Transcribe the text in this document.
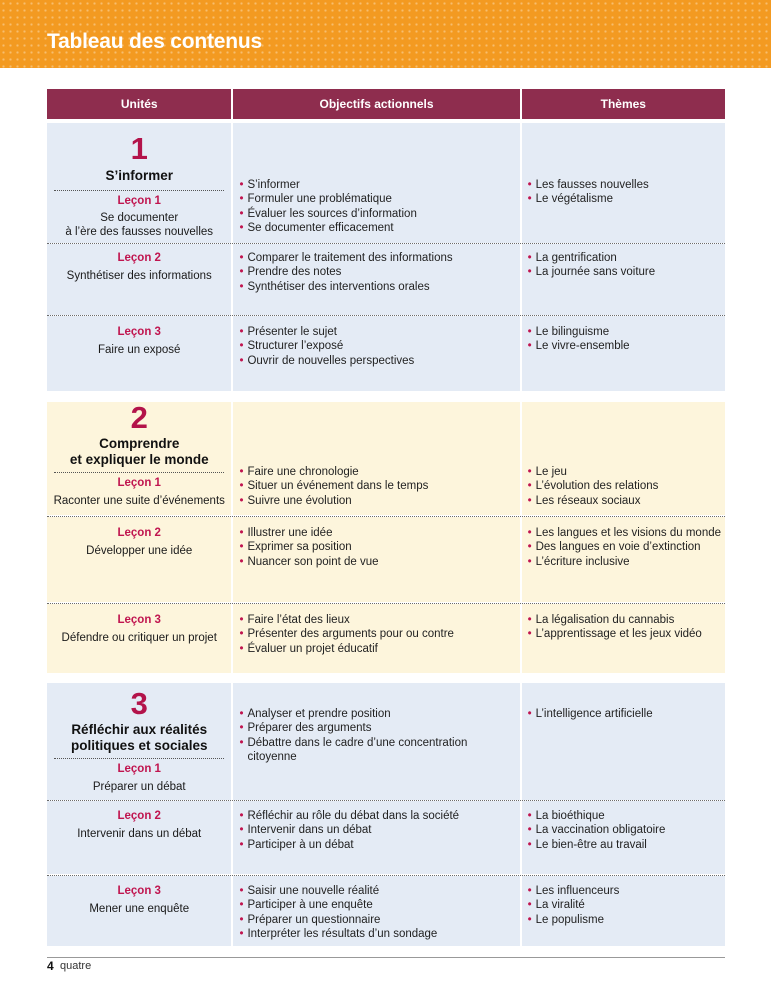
Tableau des contenus
Unités	Objectifs actionnels	Thèmes
1
S’informer
Leçon 1
Se documenter
à l’ère des fausses nouvelles
• S’informer
• Formuler une problématique
• Évaluer les sources d’information
• Se documenter efficacement
• Les fausses nouvelles
• Le végétalisme
Leçon 2
Synthétiser des informations
• Comparer le traitement des informations
• Prendre des notes
• Synthétiser des interventions orales
• La gentrification
• La journée sans voiture
Leçon 3
Faire un exposé
• Présenter le sujet
• Structurer l’exposé
• Ouvrir de nouvelles perspectives
• Le bilinguisme
• Le vivre-ensemble
2
Comprendre
et expliquer le monde
Leçon 1
Raconter une suite d’événements
• Faire une chronologie
• Situer un événement dans le temps
• Suivre une évolution
• Le jeu
• L’évolution des relations
• Les réseaux sociaux
Leçon 2
Développer une idée
• Illustrer une idée
• Exprimer sa position
• Nuancer son point de vue
• Les langues et les visions du monde
• Des langues en voie d’extinction
• L’écriture inclusive
Leçon 3
Défendre ou critiquer un projet
• Faire l’état des lieux
• Présenter des arguments pour ou contre
• Évaluer un projet éducatif
• La légalisation du cannabis
• L’apprentissage et les jeux vidéo
3
Réfléchir aux réalités
politiques et sociales
Leçon 1
Préparer un débat
• Analyser et prendre position
• Préparer des arguments
• Débattre dans le cadre d’une concentration
citoyenne
• L’intelligence artificielle
Leçon 2
Intervenir dans un débat
• Réfléchir au rôle du débat dans la société
• Intervenir dans un débat
• Participer à un débat
• La bioéthique
• La vaccination obligatoire
• Le bien-être au travail
Leçon 3
Mener une enquête
• Saisir une nouvelle réalité
• Participer à une enquête
• Préparer un questionnaire
• Interpréter les résultats d’un sondage
• Les influenceurs
• La viralité
• Le populisme
4 quatre
